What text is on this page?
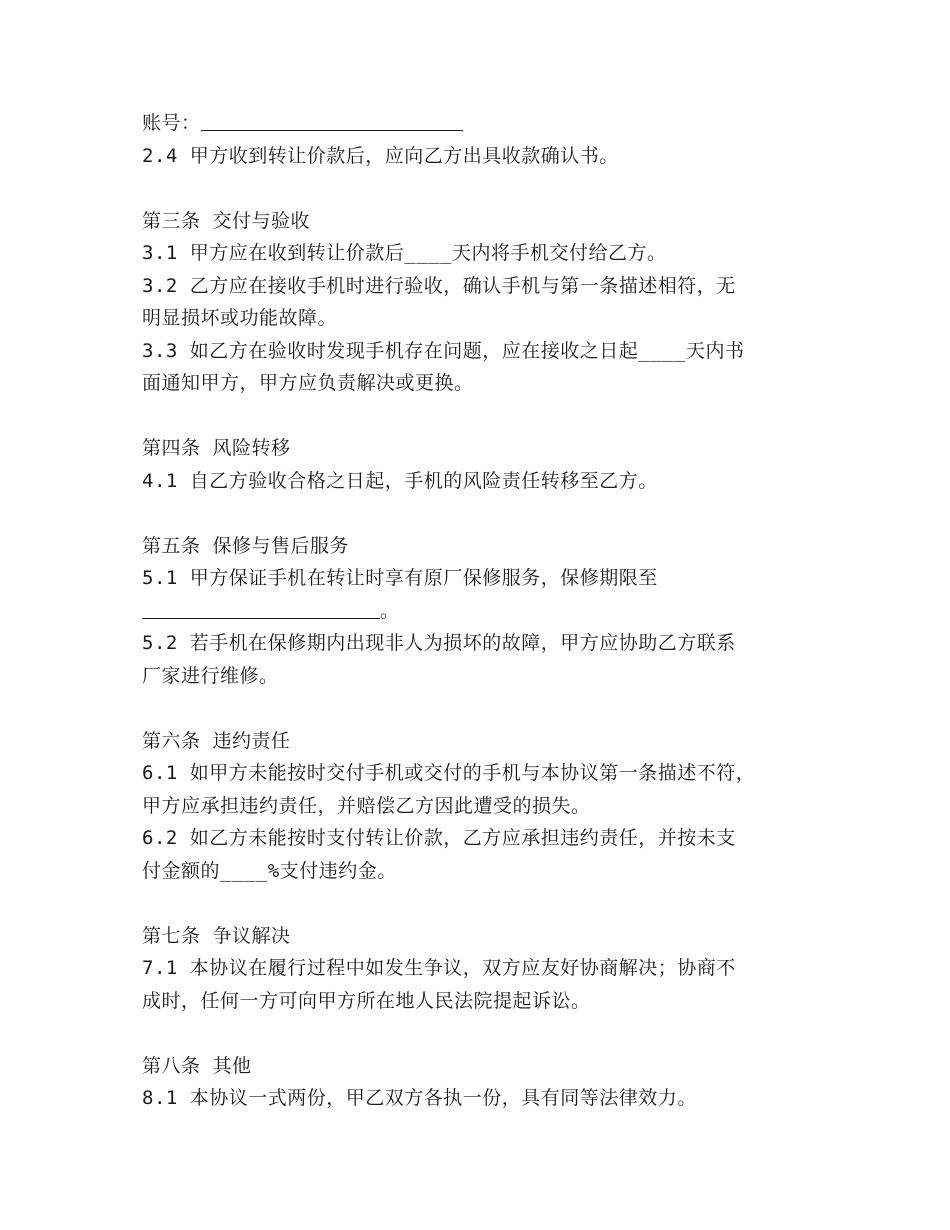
账号：
2.4 甲方收到转让价款后，应向乙方出具收款确认书。
第三条 交付与验收
3.1 甲方应在收到转让价款后____天内将手机交付给乙方。
3.2 乙方应在接收手机时进行验收，确认手机与第一条描述相符，无
明显损坏或功能故障。
3.3 如乙方在验收时发现手机存在问题，应在接收之日起____天内书
面通知甲方，甲方应负责解决或更换。
第四条 风险转移
4.1 自乙方验收合格之日起，手机的风险责任转移至乙方。
第五条 保修与售后服务
5.1 甲方保证手机在转让时享有原厂保修服务，保修期限至
。
5.2 若手机在保修期内出现非人为损坏的故障，甲方应协助乙方联系
厂家进行维修。
第六条 违约责任
6.1 如甲方未能按时交付手机或交付的手机与本协议第一条描述不符，
甲方应承担违约责任，并赔偿乙方因此遭受的损失。
6.2 如乙方未能按时支付转让价款，乙方应承担违约责任，并按未支
付金额的____%支付违约金。
第七条 争议解决
7.1 本协议在履行过程中如发生争议，双方应友好协商解决；协商不
成时，任何一方可向甲方所在地人民法院提起诉讼。
第八条 其他
8.1 本协议一式两份，甲乙双方各执一份，具有同等法律效力。
